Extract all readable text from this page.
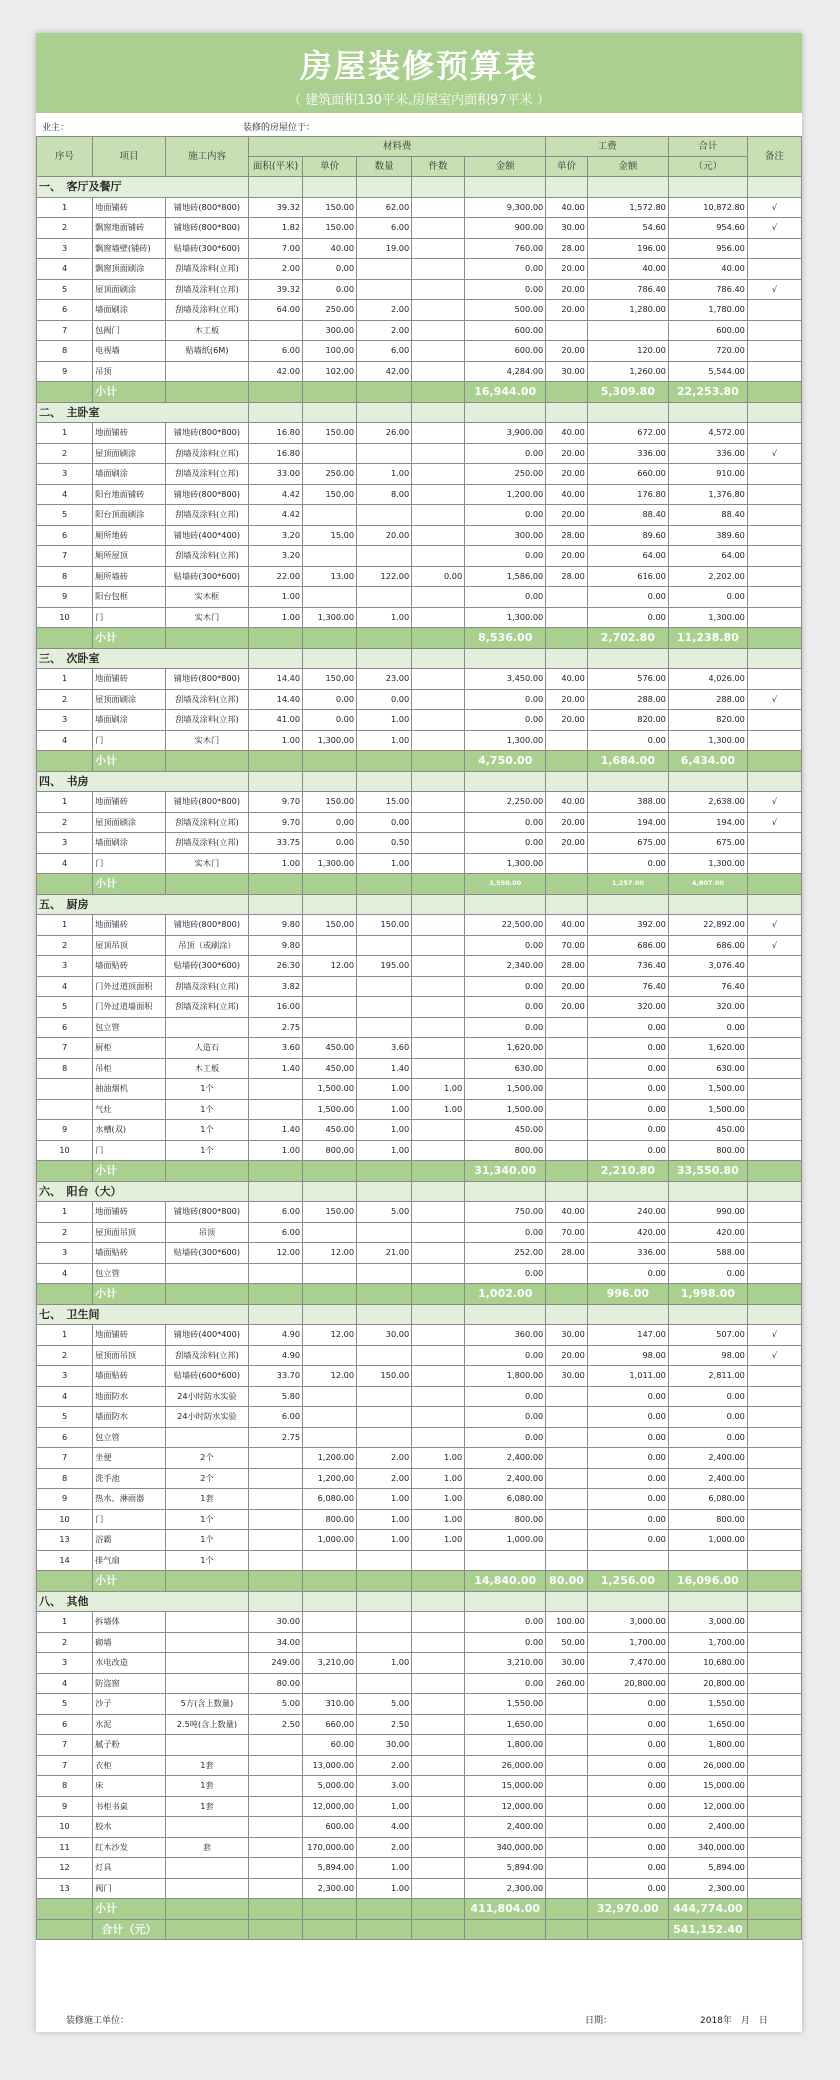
房屋装修预算表
（ 建筑面积130平米,房屋室内面积97平米 ）
业主：	装修的房屋位于：
序号	项目	施工内容	材料费					工费		合计	备注
			面积(平米)	单价	数量	件数	金额	单价	金额	（元）	
一、　客厅及餐厅											
1	地面铺砖	铺地砖(800*800)	39.32	150.00	62.00		9,300.00	40.00	1,572.80	10,872.80	√
2	飘窗地面铺砖	铺地砖(800*800)	1.82	150.00	6.00		900.00	30.00	54.60	954.60	√
3	飘窗墙壁(铺砖)	贴墙砖(300*600)	7.00	40.00	19.00		760.00	28.00	196.00	956.00	
4	飘窗顶面刷涂	刮墙及涂料(立邦)	2.00	0.00			0.00	20.00	40.00	40.00	
5	屋顶面刷涂	刮墙及涂料(立邦)	39.32	0.00			0.00	20.00	786.40	786.40	√
6	墙面刷涂	刮墙及涂料(立邦)	64.00	250.00	2.00		500.00	20.00	1,280.00	1,780.00	
7	包阀门	木工板		300.00	2.00		600.00			600.00	
8	电视墙	贴墙纸(6M)	6.00	100.00	6.00		600.00	20.00	120.00	720.00	
9	吊顶		42.00	102.00	42.00		4,284.00	30.00	1,260.00	5,544.00	
	小计						16,944.00		5,309.80	22,253.80	
二、　主卧室											
1	地面铺砖	铺地砖(800*800)	16.80	150.00	26.00		3,900.00	40.00	672.00	4,572.00	
2	屋顶面刷涂	刮墙及涂料(立邦)	16.80				0.00	20.00	336.00	336.00	√
3	墙面刷涂	刮墙及涂料(立邦)	33.00	250.00	1.00		250.00	20.00	660.00	910.00	
4	阳台地面铺砖	铺地砖(800*800)	4.42	150.00	8.00		1,200.00	40.00	176.80	1,376.80	
5	阳台顶面刷涂	刮墙及涂料(立邦)	4.42				0.00	20.00	88.40	88.40	
6	厕所地砖	铺地砖(400*400)	3.20	15.00	20.00		300.00	28.00	89.60	389.60	
7	厕所屋顶	刮墙及涂料(立邦)	3.20				0.00	20.00	64.00	64.00	
8	厕所墙砖	贴墙砖(300*600)	22.00	13.00	122.00	0.00	1,586.00	28.00	616.00	2,202.00	
9	阳台包框	实木框	1.00				0.00		0.00	0.00	
10	门	实木门	1.00	1,300.00	1.00		1,300.00		0.00	1,300.00	
	小计						8,536.00		2,702.80	11,238.80	
三、　次卧室											
1	地面铺砖	铺地砖(800*800)	14.40	150.00	23.00		3,450.00	40.00	576.00	4,026.00	
2	屋顶面刷涂	刮墙及涂料(立邦)	14.40	0.00	0.00		0.00	20.00	288.00	288.00	√
3	墙面刷涂	刮墙及涂料(立邦)	41.00	0.00	1.00		0.00	20.00	820.00	820.00	
4	门	实木门	1.00	1,300.00	1.00		1,300.00		0.00	1,300.00	
	小计						4,750.00		1,684.00	6,434.00	
四、　书房											
1	地面铺砖	铺地砖(800*800)	9.70	150.00	15.00		2,250.00	40.00	388.00	2,638.00	√
2	屋顶面刷涂	刮墙及涂料(立邦)	9.70	0.00	0.00		0.00	20.00	194.00	194.00	√
3	墙面刷涂	刮墙及涂料(立邦)	33.75	0.00	0.50		0.00	20.00	675.00	675.00	
4	门	实木门	1.00	1,300.00	1.00		1,300.00		0.00	1,300.00	
	小计						3,550.00		1,257.00	4,807.00	
五、　厨房											
1	地面铺砖	铺地砖(800*800)	9.80	150.00	150.00		22,500.00	40.00	392.00	22,892.00	√
2	屋顶吊顶	吊顶（或刷涂）	9.80				0.00	70.00	686.00	686.00	√
3	墙面贴砖	贴墙砖(300*600)	26.30	12.00	195.00		2,340.00	28.00	736.40	3,076.40	
4	门外过道顶面积	刮墙及涂料(立邦)	3.82				0.00	20.00	76.40	76.40	
5	门外过道墙面积	刮墙及涂料(立邦)	16.00				0.00	20.00	320.00	320.00	
6	包立管		2.75				0.00		0.00	0.00	
7	厨柜	人造石	3.60	450.00	3.60		1,620.00		0.00	1,620.00	
8	吊柜	木工板	1.40	450.00	1.40		630.00		0.00	630.00	
	抽油烟机	1个		1,500.00	1.00	1.00	1,500.00		0.00	1,500.00	
	气灶	1个		1,500.00	1.00	1.00	1,500.00		0.00	1,500.00	
9	水槽(双)	1个	1.40	450.00	1.00		450.00		0.00	450.00	
10	门	1个	1.00	800.00	1.00		800.00		0.00	800.00	
	小计						31,340.00		2,210.80	33,550.80	
六、　阳台（大）											
1	地面铺砖	铺地砖(800*800)	6.00	150.00	5.00		750.00	40.00	240.00	990.00	
2	屋顶面吊顶	吊顶	6.00				0.00	70.00	420.00	420.00	
3	墙面贴砖	贴墙砖(300*600)	12.00	12.00	21.00		252.00	28.00	336.00	588.00	
4	包立管						0.00		0.00	0.00	
	小计						1,002.00		996.00	1,998.00	
七、　卫生间											
1	地面铺砖	铺地砖(400*400)	4.90	12.00	30.00		360.00	30.00	147.00	507.00	√
2	屋顶面吊顶	刮墙及涂料(立邦)	4.90				0.00	20.00	98.00	98.00	√
3	墙面贴砖	贴墙砖(600*600)	33.70	12.00	150.00		1,800.00	30.00	1,011.00	2,811.00	
4	地面防水	24小时防水实验	5.80				0.00		0.00	0.00	
5	墙面防水	24小时防水实验	6.00				0.00		0.00	0.00	
6	包立管		2.75				0.00		0.00	0.00	
7	坐便	2个		1,200.00	2.00	1.00	2,400.00		0.00	2,400.00	
8	洗手池	2个		1,200.00	2.00	1.00	2,400.00		0.00	2,400.00	
9	热水、淋雨器	1套		6,080.00	1.00	1.00	6,080.00		0.00	6,080.00	
10	门	1个		800.00	1.00	1.00	800.00		0.00	800.00	
13	浴霸	1个		1,000.00	1.00	1.00	1,000.00		0.00	1,000.00	
14	排气扇	1个									
	小计						14,840.00	80.00	1,256.00	16,096.00	
八、　其他											
1	拆墙体		30.00				0.00	100.00	3,000.00	3,000.00	
2	砌墙		34.00				0.00	50.00	1,700.00	1,700.00	
3	水电改造		249.00	3,210.00	1.00		3,210.00	30.00	7,470.00	10,680.00	
4	防盗窗		80.00				0.00	260.00	20,800.00	20,800.00	
5	沙子	5方(含上数量)	5.00	310.00	5.00		1,550.00		0.00	1,550.00	
6	水泥	2.5吨(含上数量)	2.50	660.00	2.50		1,650.00		0.00	1,650.00	
7	腻子粉			60.00	30.00		1,800.00		0.00	1,800.00	
7	衣柜	1套		13,000.00	2.00		26,000.00		0.00	26,000.00	
8	床	1套		5,000.00	3.00		15,000.00		0.00	15,000.00	
9	书柜书桌	1套		12,000.00	1.00		12,000.00		0.00	12,000.00	
10	胶水			600.00	4.00		2,400.00		0.00	2,400.00	
11	红木沙发	套		170,000.00	2.00		340,000.00		0.00	340,000.00	
12	灯具			5,894.00	1.00		5,894.00		0.00	5,894.00	
13	阀门			2,300.00	1.00		2,300.00		0.00	2,300.00	
	小计						411,804.00		32,970.00	444,774.00	
	合计（元）									541,152.40	
装修施工单位：	日期：	2018年　月　日
